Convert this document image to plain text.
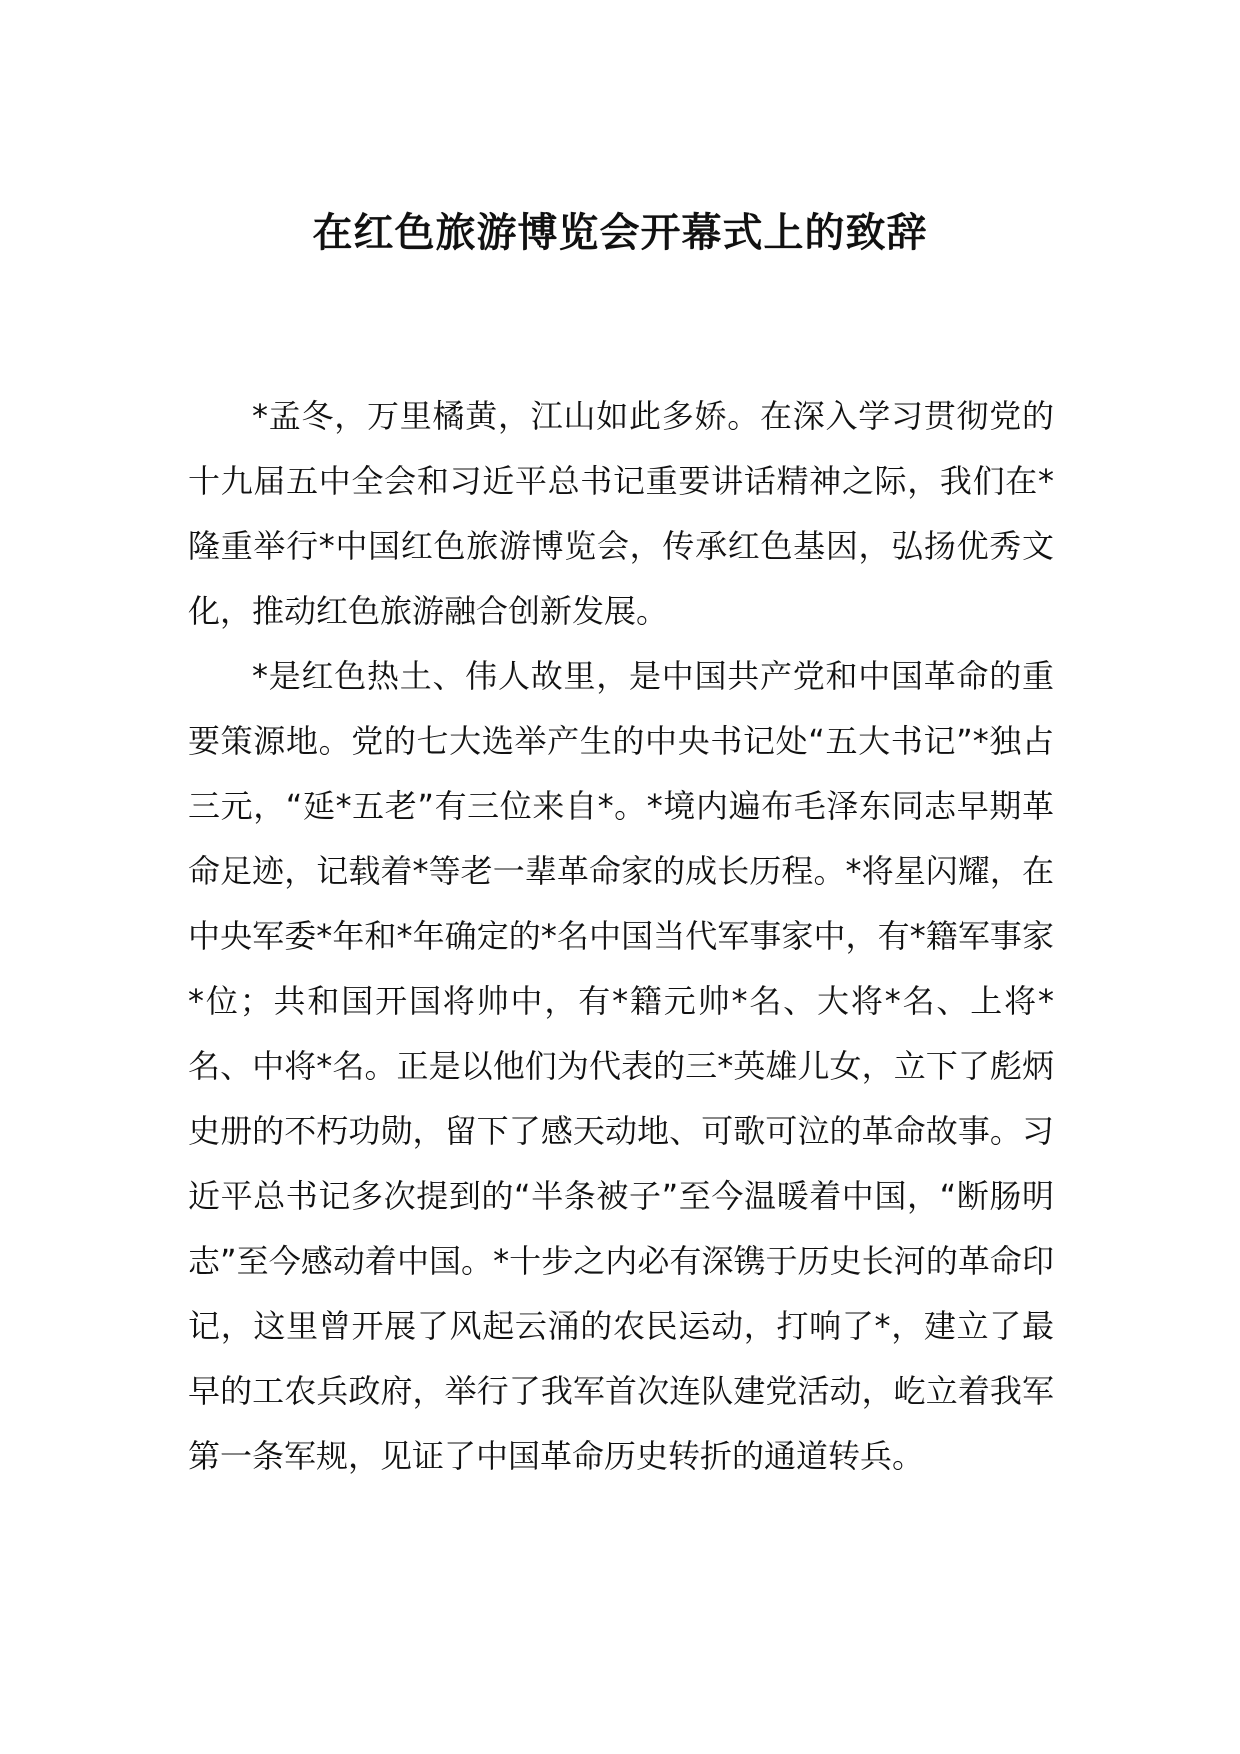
在红色旅游博览会开幕式上的致辞

*孟冬，万里橘黄，江山如此多娇。在深入学习贯彻党的十九届五中全会和习近平总书记重要讲话精神之际，我们在*隆重举行*中国红色旅游博览会，传承红色基因，弘扬优秀文化，推动红色旅游融合创新发展。

*是红色热土、伟人故里，是中国共产党和中国革命的重要策源地。党的七大选举产生的中央书记处“五大书记”*独占三元，“延*五老”有三位来自*。*境内遍布毛泽东同志早期革命足迹，记载着*等老一辈革命家的成长历程。*将星闪耀，在中央军委*年和*年确定的*名中国当代军事家中，有*籍军事家*位；共和国开国将帅中，有*籍元帅*名、大将*名、上将*名、中将*名。正是以他们为代表的三*英雄儿女，立下了彪炳史册的不朽功勋，留下了感天动地、可歌可泣的革命故事。习近平总书记多次提到的“半条被子”至今温暖着中国，“断肠明志”至今感动着中国。*十步之内必有深镌于历史长河的革命印记，这里曾开展了风起云涌的农民运动，打响了*，建立了最早的工农兵政府，举行了我军首次连队建党活动，屹立着我军第一条军规，见证了中国革命历史转折的通道转兵。
